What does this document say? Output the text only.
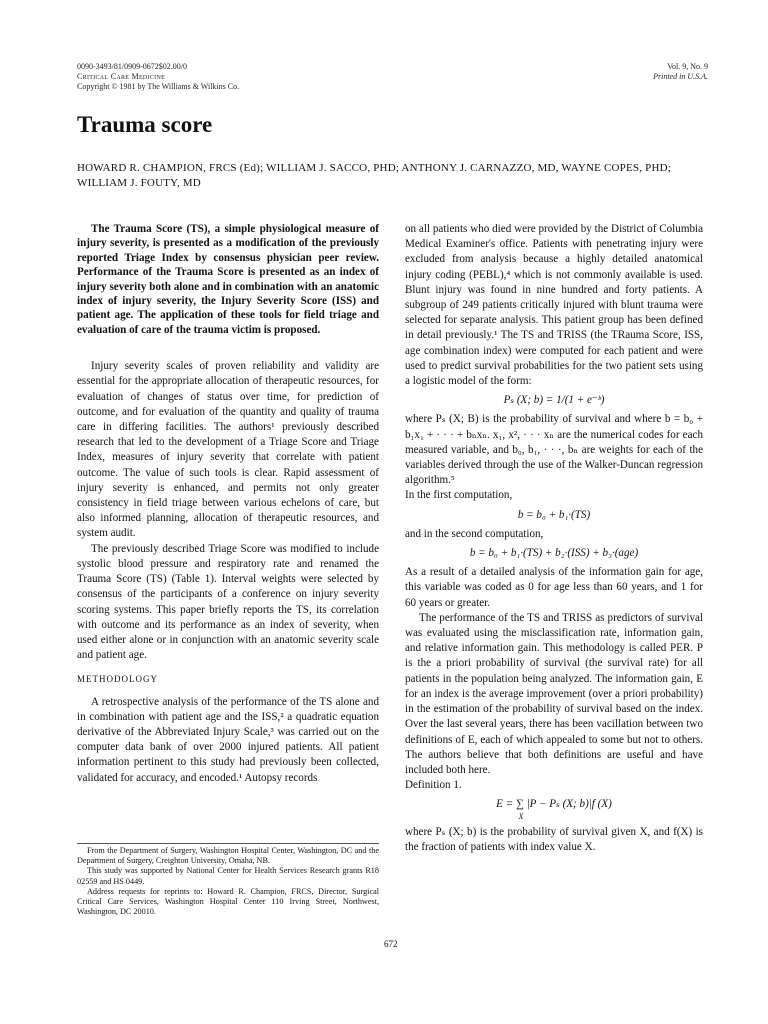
0090-3493/81/0909-0672$02.00/0
Critical Care Medicine
Copyright © 1981 by The Williams & Wilkins Co.
Vol. 9, No. 9
Printed in U.S.A.
Trauma score
HOWARD R. CHAMPION, FRCS (Ed); WILLIAM J. SACCO, PHD; ANTHONY J. CARNAZZO, MD, WAYNE COPES, PHD; WILLIAM J. FOUTY, MD

The Trauma Score (TS), a simple physiological measure of injury severity, is presented as a modification of the previously reported Triage Index by consensus physician peer review. Performance of the Trauma Score is presented as an index of injury severity both alone and in combination with an anatomic index of injury severity, the Injury Severity Score (ISS) and patient age. The application of these tools for field triage and evaluation of care of the trauma victim is proposed.

Injury severity scales of proven reliability and validity are essential for the appropriate allocation of therapeutic resources, for evaluation of changes of status over time, for prediction of outcome, and for evaluation of the quantity and quality of trauma care in differing facilities. The authors¹ previously described research that led to the development of a Triage Score and Triage Index, measures of injury severity that correlate with patient outcome. The value of such tools is clear. Rapid assessment of injury severity is enhanced, and permits not only greater consistency in field triage between various echelons of care, but also informed planning, allocation of therapeutic resources, and system audit.

The previously described Triage Score was modified to include systolic blood pressure and respiratory rate and renamed the Trauma Score (TS) (Table 1). Interval weights were selected by consensus of the participants of a conference on injury severity scoring systems. This paper briefly reports the TS, its correlation with outcome and its performance as an index of severity, when used either alone or in conjunction with an anatomic severity scale and patient age.

METHODOLOGY

A retrospective analysis of the performance of the TS alone and in combination with patient age and the ISS,² a quadratic equation derivative of the Abbreviated Injury Scale,³ was carried out on the computer data bank of over 2000 injured patients. All patient information pertinent to this study had previously been collected, validated for accuracy, and encoded.¹ Autopsy records

on all patients who died were provided by the District of Columbia Medical Examiner's office. Patients with penetrating injury were excluded from analysis because a highly detailed anatomical injury coding (PEBL),⁴ which is not commonly available is used. Blunt injury was found in nine hundred and forty patients. A subgroup of 249 patients critically injured with blunt trauma were selected for separate analysis. This patient group has been defined in detail previously.¹ The TS and TRISS (the TRauma Score, ISS, age combination index) were computed for each patient and were used to predict survival probabilities for the two patient sets using a logistic model of the form:

Pₛ (X; b) = 1/(1 + e⁻ᵇ)

where Pₛ (X; B) is the probability of survival and where b = b₀ + b₁x₁ + · · · + bₙxₙ. x₁, x², · · · xₙ are the numerical codes for each measured variable, and b₀, b₁, · · ·, bₙ are weights for each of the variables derived through the use of the Walker-Duncan regression algorithm.⁵

In the first computation,

b = b₀ + b₁·(TS)

and in the second computation,

b = b₀ + b₁·(TS) + b₂·(ISS) + b₃·(age)

As a result of a detailed analysis of the information gain for age, this variable was coded as 0 for age less than 60 years, and 1 for 60 years or greater.

The performance of the TS and TRISS as predictors of survival was evaluated using the misclassification rate, information gain, and relative information gain. This methodology is called PER. P is the a priori probability of survival (the survival rate) for all patients in the population being analyzed. The information gain, E for an index is the average improvement (over a priori probability) in the estimation of the probability of survival based on the index. Over the last several years, there has been vacillation between two definitions of E, each of which appealed to some but not to others. The authors believe that both definitions are useful and have included both here.

Definition 1.

E = ∑ |P − Pₛ (X; b)|f (X)
X

where Pₛ (X; b) is the probability of survival given X, and f(X) is the fraction of patients with index value X.

From the Department of Surgery, Washington Hospital Center, Washington, DC and the Department of Surgery, Creighton University, Omaha, NB.

This study was supported by National Center for Health Services Research grants R18 02559 and HS 0449.

Address requests for reprints to: Howard R. Champion, FRCS, Director, Surgical Critical Care Services, Washington Hospital Center 110 Irving Street, Northwest, Washington, DC 20010.

672
